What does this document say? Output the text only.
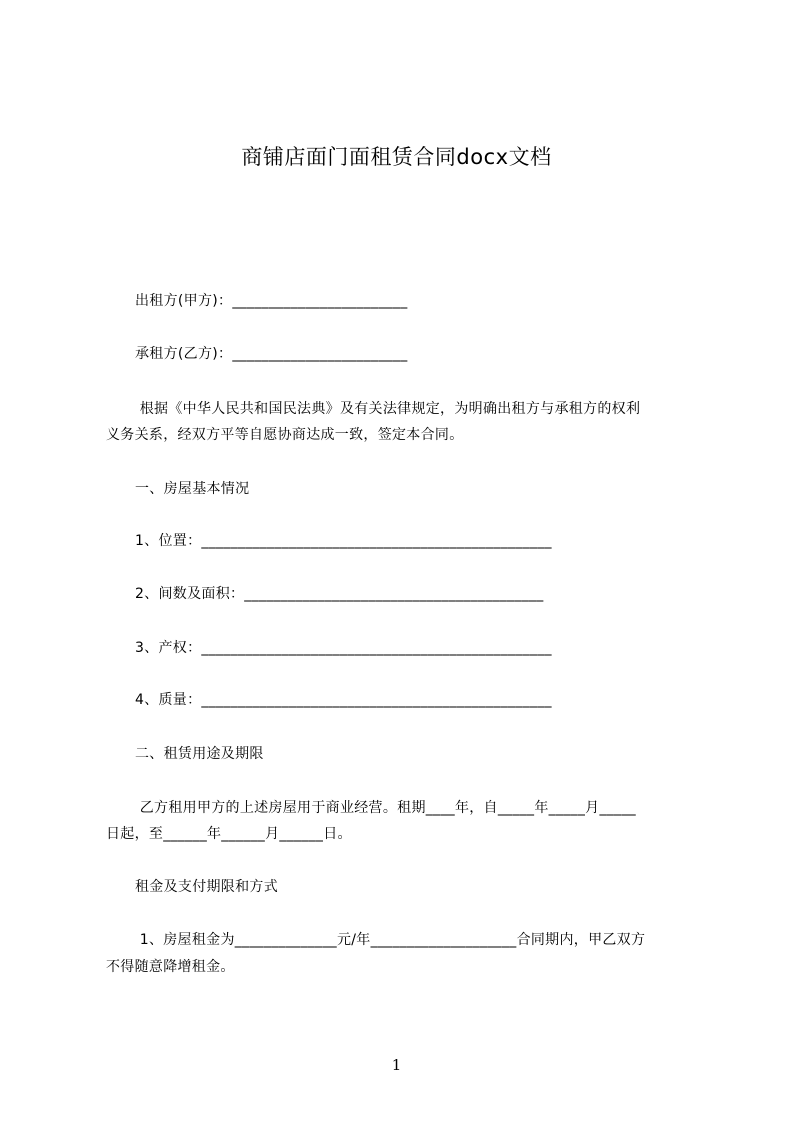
商铺店面门面租赁合同docx文档
出租方(甲方)：________________________
承租方(乙方)：________________________
根据《中华人民共和国民法典》及有关法律规定，为明确出租方与承租方的权利
义务关系，经双方平等自愿协商达成一致，签定本合同。
一、房屋基本情况
1、位置：________________________________________________
2、间数及面积：_________________________________________
3、产权：________________________________________________
4、质量：________________________________________________
二、租赁用途及期限
乙方租用甲方的上述房屋用于商业经营。租期____年，自_____年_____月_____
日起，至______年______月______日。
租金及支付期限和方式
1、房屋租金为______________元/年____________________合同期内，甲乙双方
不得随意降增租金。
1
